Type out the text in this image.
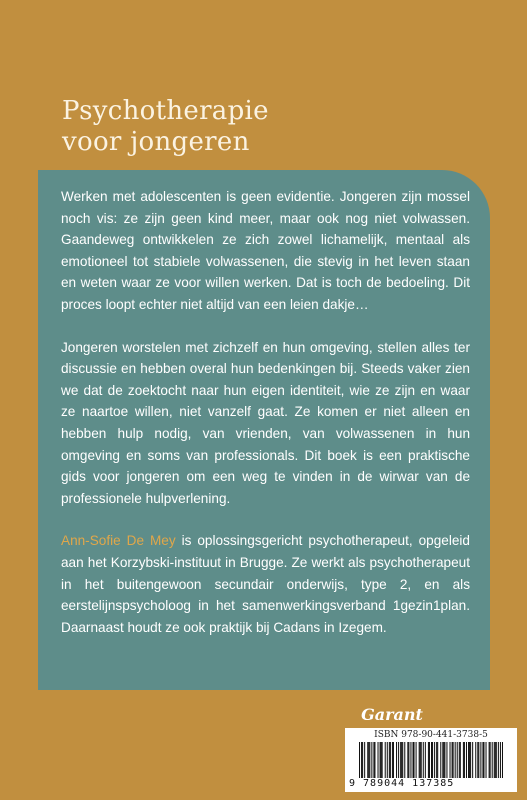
Psychotherapie
voor jongeren

Werken met adolescenten is geen evidentie. Jongeren zijn mossel noch vis: ze zijn geen kind meer, maar ook nog niet volwassen. Gaandeweg ontwikkelen ze zich zowel lichamelijk, mentaal als emotioneel tot stabiele volwassenen, die stevig in het leven staan en weten waar ze voor willen werken. Dat is toch de bedoeling. Dit proces loopt echter niet altijd van een leien dakje…

Jongeren worstelen met zichzelf en hun omgeving, stellen alles ter discussie en hebben overal hun bedenkingen bij. Steeds vaker zien we dat de zoektocht naar hun eigen identiteit, wie ze zijn en waar ze naartoe willen, niet vanzelf gaat. Ze komen er niet alleen en hebben hulp nodig, van vrienden, van volwassenen in hun omgeving en soms van professionals. Dit boek is een praktische gids voor jongeren om een weg te vinden in de wirwar van de professionele hulpverlening.

Ann-Sofie De Mey is oplossingsgericht psychotherapeut, opgeleid aan het Korzybski-instituut in Brugge. Ze werkt als psychotherapeut in het buitengewoon secundair onderwijs, type 2, en als eerstelijnspsycholoog in het samenwerkingsverband 1gezin1plan. Daarnaast houdt ze ook praktijk bij Cadans in Izegem.

Garant
ISBN 978-90-441-3738-5
9 789044 137385
